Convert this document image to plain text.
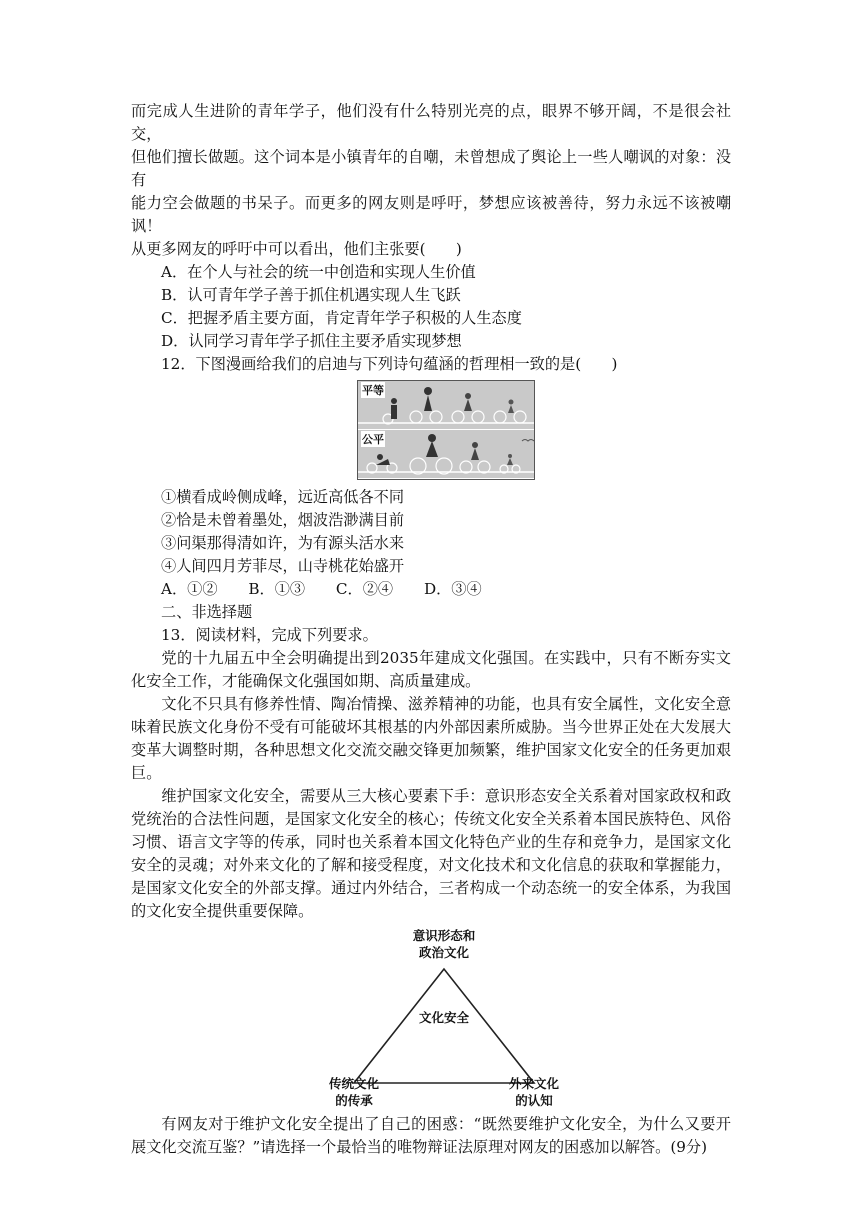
而完成人生进阶的青年学子，他们没有什么特别光亮的点，眼界不够开阔，不是很会社交，

但他们擅长做题。这个词本是小镇青年的自嘲，未曾想成了舆论上一些人嘲讽的对象：没有

能力空会做题的书呆子。而更多的网友则是呼吁，梦想应该被善待，努力永远不该被嘲讽！

从更多网友的呼吁中可以看出，他们主张要(　　)

A．在个人与社会的统一中创造和实现人生价值

B．认可青年学子善于抓住机遇实现人生飞跃

C．把握矛盾主要方面，肯定青年学子积极的人生态度

D．认同学习青年学子抓住主要矛盾实现梦想

12．下图漫画给我们的启迪与下列诗句蕴涵的哲理相一致的是(　　)

平等
公平

①横看成岭侧成峰，远近高低各不同

②恰是未曾着墨处，烟波浩渺满目前

③问渠那得清如许，为有源头活水来

④人间四月芳菲尽，山寺桃花始盛开

A．①② B．①③ C．②④ D．③④

二、非选择题

13．阅读材料，完成下列要求。

党的十九届五中全会明确提出到2035年建成文化强国。在实践中，只有不断夯实文化安全工作，才能确保文化强国如期、高质量建成。

文化不只具有修养性情、陶冶情操、滋养精神的功能，也具有安全属性，文化安全意味着民族文化身份不受有可能破坏其根基的内外部因素所威胁。当今世界正处在大发展大变革大调整时期，各种思想文化交流交融交锋更加频繁，维护国家文化安全的任务更加艰巨。

维护国家文化安全，需要从三大核心要素下手：意识形态安全关系着对国家政权和政党统治的合法性问题，是国家文化安全的核心；传统文化安全关系着本国民族特色、风俗习惯、语言文字等的传承，同时也关系着本国文化特色产业的生存和竞争力，是国家文化安全的灵魂；对外来文化的了解和接受程度，对文化技术和文化信息的获取和掌握能力，是国家文化安全的外部支撑。通过内外结合，三者构成一个动态统一的安全体系，为我国的文化安全提供重要保障。

意识形态和
政治文化
文化安全
传统文化
的传承
外来文化
的认知

有网友对于维护文化安全提出了自己的困惑：“既然要维护文化安全，为什么又要开展文化交流互鉴？”请选择一个最恰当的唯物辩证法原理对网友的困惑加以解答。(9分)
